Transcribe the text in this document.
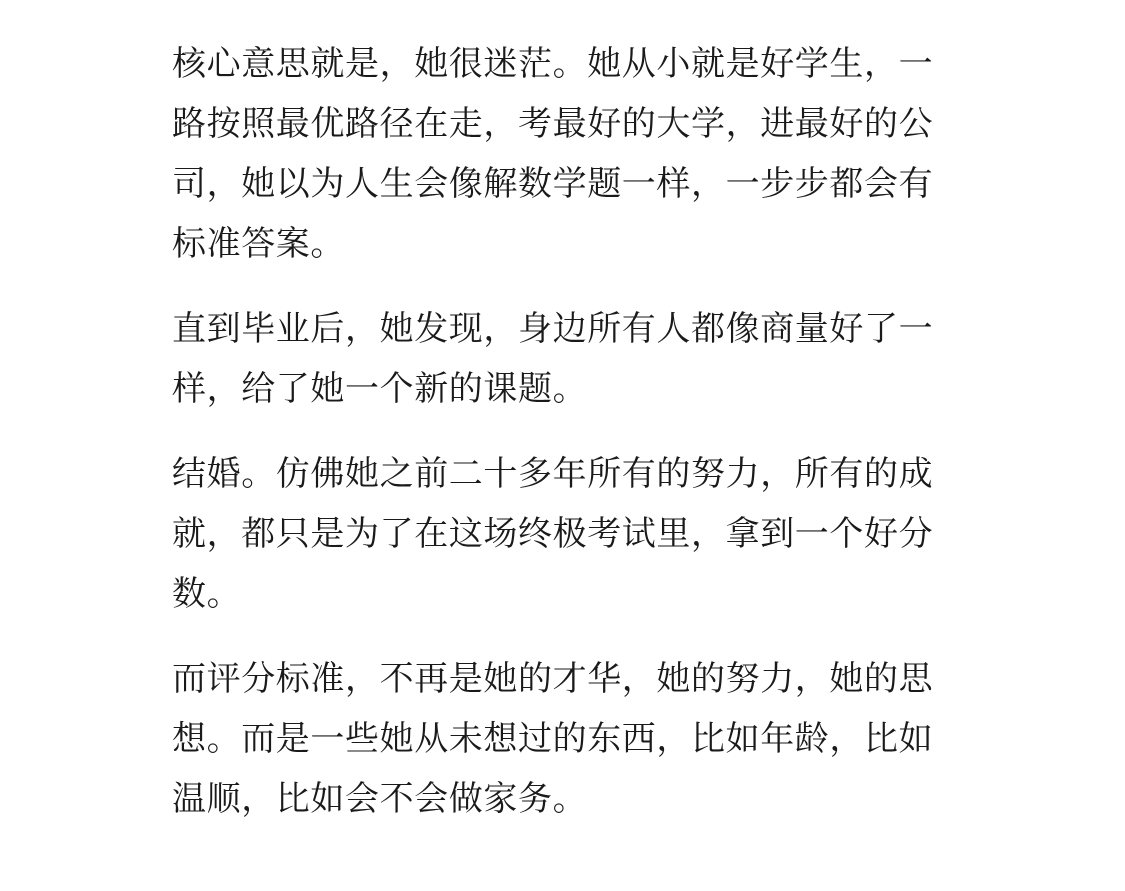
核心意思就是，她很迷茫。她从小就是好学生，一路按照最优路径在走，考最好的大学，进最好的公司，她以为人生会像解数学题一样，一步步都会有标准答案。

直到毕业后，她发现，身边所有人都像商量好了一样，给了她一个新的课题。

结婚。仿佛她之前二十多年所有的努力，所有的成就，都只是为了在这场终极考试里，拿到一个好分数。

而评分标准，不再是她的才华，她的努力，她的思想。而是一些她从未想过的东西，比如年龄，比如温顺，比如会不会做家务。
